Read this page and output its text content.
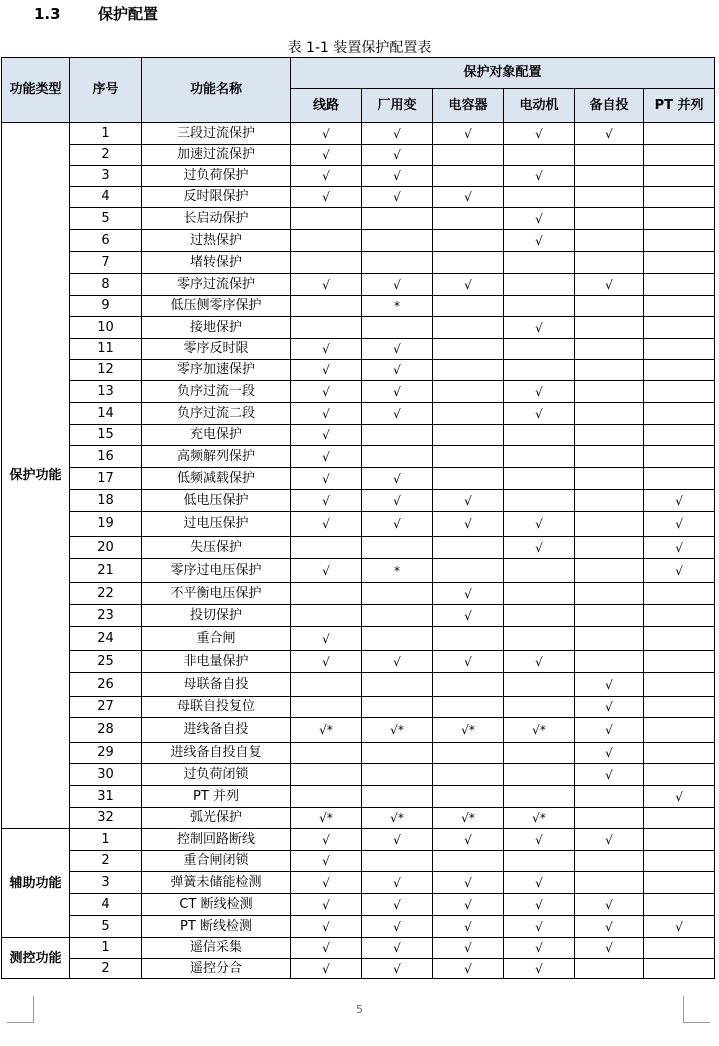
1.3 保护配置
表 1-1 装置保护配置表
功能类型	序号	功能名称	保护对象配置					
			线路	厂用变	电容器	电动机	备自投	PT 并列
保护功能	1	三段过流保护	√	√	√	√	√	
	2	加速过流保护	√	√				
	3	过负荷保护	√	√		√		
	4	反时限保护	√	√	√			
	5	长启动保护				√		
	6	过热保护				√		
	7	堵转保护						
	8	零序过流保护	√	√	√		√	
	9	低压侧零序保护		*				
	10	接地保护				√		
	11	零序反时限	√	√				
	12	零序加速保护	√	√				
	13	负序过流一段	√	√		√		
	14	负序过流二段	√	√		√		
	15	充电保护	√					
	16	高频解列保护	√					
	17	低频减载保护	√	√				
	18	低电压保护	√	√	√			√
	19	过电压保护	√	√	√	√		√
	20	失压保护				√		√
	21	零序过电压保护	√	*				√
	22	不平衡电压保护			√			
	23	投切保护			√			
	24	重合闸	√					
	25	非电量保护	√	√	√	√		
	26	母联备自投					√	
	27	母联自投复位					√	
	28	进线备自投	√*	√*	√*	√*	√	
	29	进线备自投自复					√	
	30	过负荷闭锁					√	
	31	PT 并列						√
	32	弧光保护	√*	√*	√*	√*		
辅助功能	1	控制回路断线	√	√	√	√	√	
	2	重合闸闭锁	√					
	3	弹簧未储能检测	√	√	√	√		
	4	CT 断线检测	√	√	√	√	√	
	5	PT 断线检测	√	√	√	√	√	√
测控功能	1	遥信采集	√	√	√	√	√	
	2	遥控分合	√	√	√	√		
5
